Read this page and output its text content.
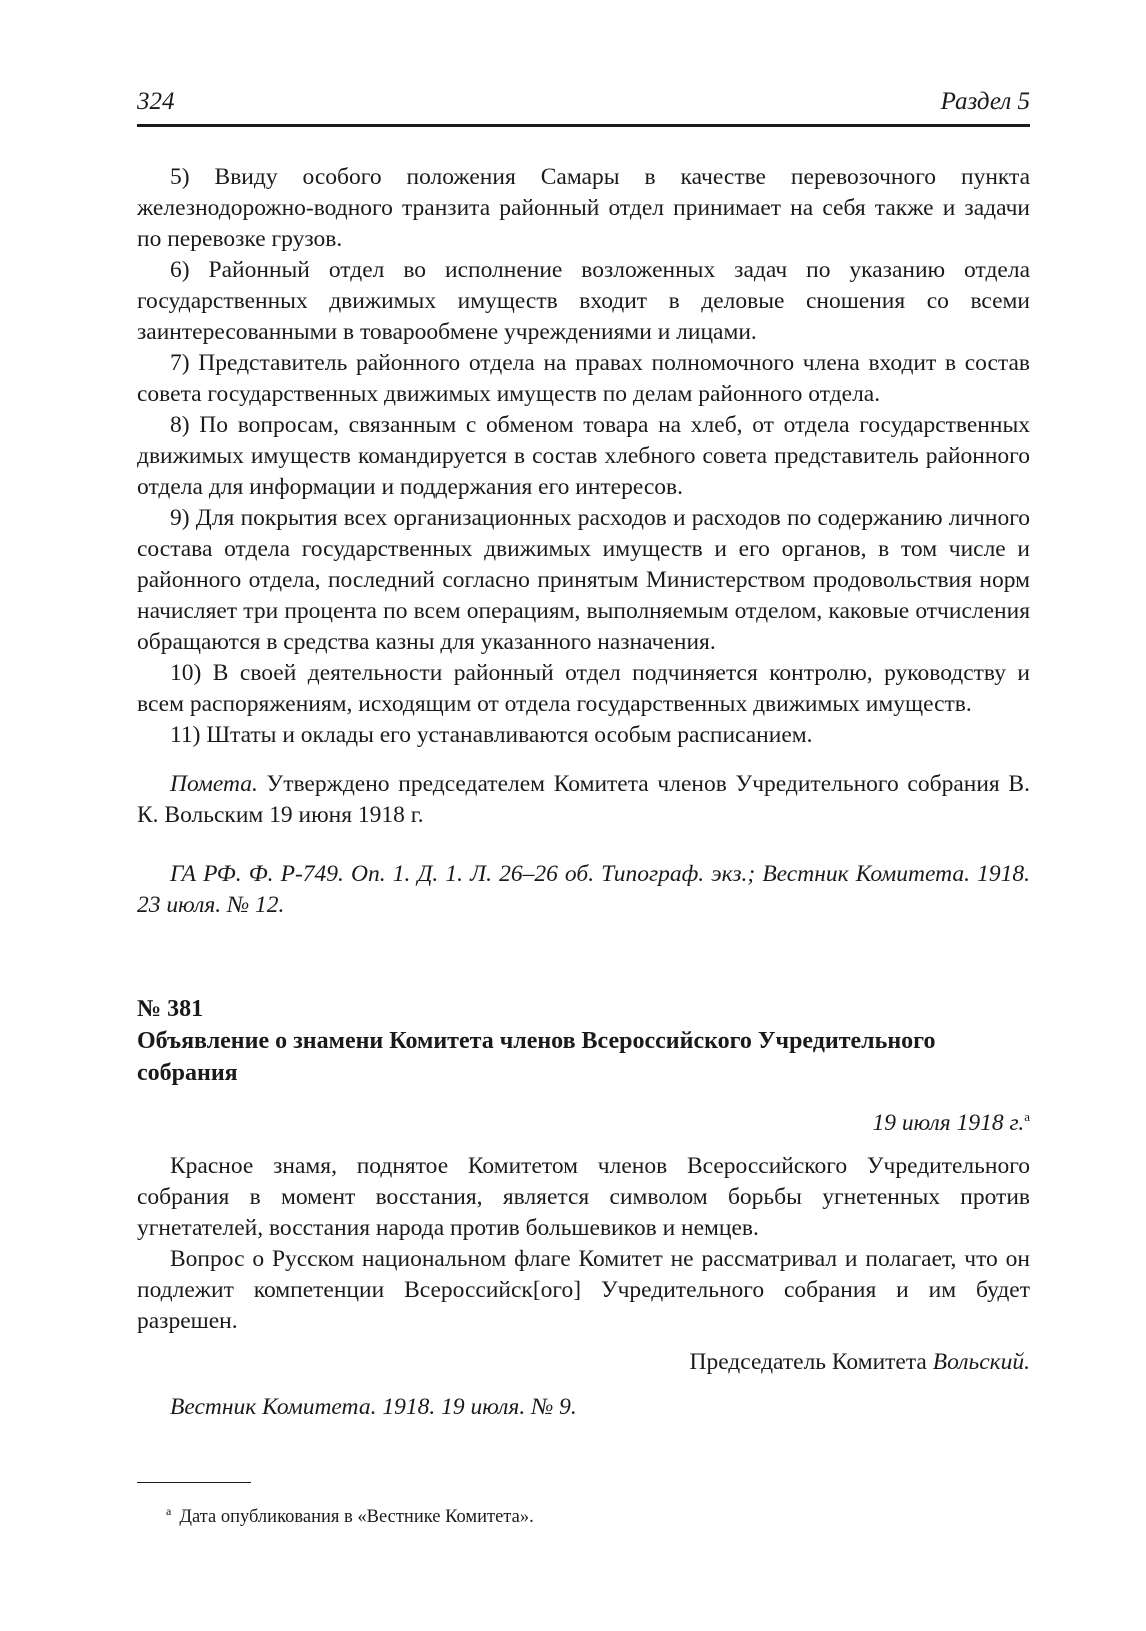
324	Раздел 5

5) Ввиду особого положения Самары в качестве перевозочного пункта железнодорожно-водного транзита районный отдел принимает на себя также и задачи по перевозке грузов.

6) Районный отдел во исполнение возложенных задач по указанию отдела государственных движимых имуществ входит в деловые сношения со всеми заинтересованными в товарообмене учреждениями и лицами.

7) Представитель районного отдела на правах полномочного члена входит в состав совета государственных движимых имуществ по делам районного отдела.

8) По вопросам, связанным с обменом товара на хлеб, от отдела государственных движимых имуществ командируется в состав хлебного совета представитель районного отдела для информации и поддержания его интересов.

9) Для покрытия всех организационных расходов и расходов по содержанию личного состава отдела государственных движимых имуществ и его органов, в том числе и районного отдела, последний согласно принятым Министерством продовольствия норм начисляет три процента по всем операциям, выполняемым отделом, каковые отчисления обращаются в средства казны для указанного назначения.

10) В своей деятельности районный отдел подчиняется контролю, руководству и всем распоряжениям, исходящим от отдела государственных движимых имуществ.

11) Штаты и оклады его устанавливаются особым расписанием.

Помета. Утверждено председателем Комитета членов Учредительного собрания В. К. Вольским 19 июня 1918 г.

ГА РФ. Ф. Р-749. Оп. 1. Д. 1. Л. 26–26 об. Типограф. экз.; Вестник Комитета. 1918. 23 июля. № 12.

№ 381

Объявление о знамени Комитета членов Всероссийского Учредительного собрания

19 июля 1918 г.$^а$

Красное знамя, поднятое Комитетом членов Всероссийского Учредительного собрания в момент восстания, является символом борьбы угнетенных против угнетателей, восстания народа против большевиков и немцев.

Вопрос о Русском национальном флаге Комитет не рассматривал и полагает, что он подлежит компетенции Всероссийск[ого] Учредительного собрания и им будет разрешен.

Председатель Комитета Вольский.

Вестник Комитета. 1918. 19 июля. № 9.

$^а$ Дата опубликования в «Вестнике Комитета».
